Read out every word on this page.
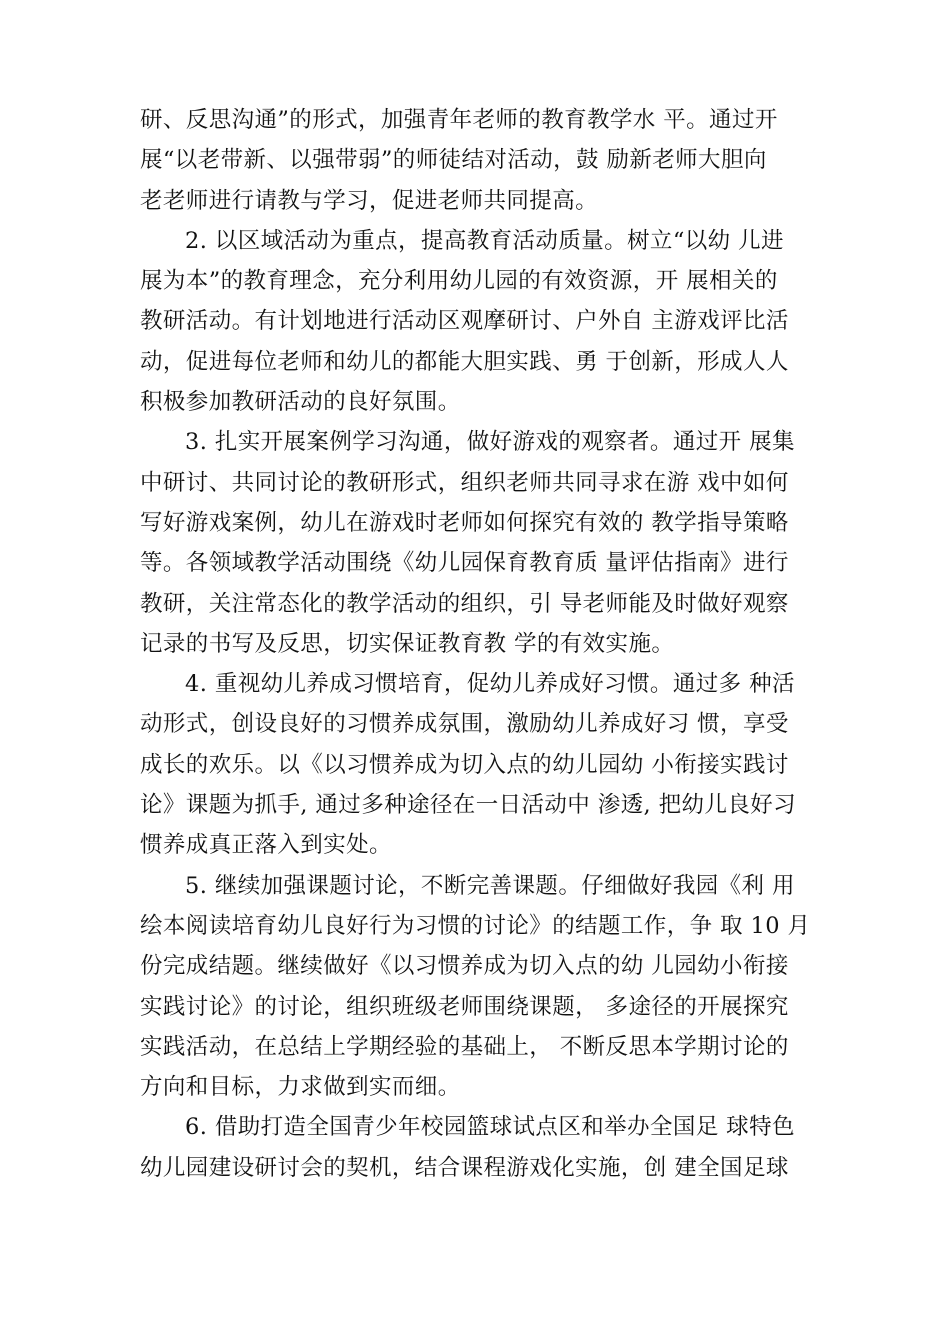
研、反思沟通”的形式，加强青年老师的教育教学水 平。通过开
展“以老带新、以强带弱”的师徒结对活动，鼓 励新老师大胆向
老老师进行请教与学习，促进老师共同提高。

2. 以区域活动为重点，提高教育活动质量。树立“以幼 儿进
展为本”的教育理念，充分利用幼儿园的有效资源，开 展相关的
教研活动。有计划地进行活动区观摩研讨、户外自 主游戏评比活
动，促进每位老师和幼儿的都能大胆实践、勇 于创新，形成人人
积极参加教研活动的良好氛围。

3. 扎实开展案例学习沟通，做好游戏的观察者。通过开 展集
中研讨、共同讨论的教研形式，组织老师共同寻求在游 戏中如何
写好游戏案例，幼儿在游戏时老师如何探究有效的 教学指导策略
等。各领域教学活动围绕《幼儿园保育教育质 量评估指南》进行
教研，关注常态化的教学活动的组织，引 导老师能及时做好观察
记录的书写及反思，切实保证教育教 学的有效实施。

4. 重视幼儿养成习惯培育，促幼儿养成好习惯。通过多 种活
动形式，创设良好的习惯养成氛围，激励幼儿养成好习 惯，享受
成长的欢乐。以《以习惯养成为切入点的幼儿园幼 小衔接实践讨
论》课题为抓手, 通过多种途径在一日活动中 渗透, 把幼儿良好习
惯养成真正落入到实处。

5. 继续加强课题讨论，不断完善课题。仔细做好我园《利 用
绘本阅读培育幼儿良好行为习惯的讨论》的结题工作，争 取 10 月
份完成结题。继续做好《以习惯养成为切入点的幼 儿园幼小衔接
实践讨论》的讨论，组织班级老师围绕课题， 多途径的开展探究
实践活动，在总结上学期经验的基础上， 不断反思本学期讨论的
方向和目标，力求做到实而细。

6. 借助打造全国青少年校园篮球试点区和举办全国足 球特色
幼儿园建设研讨会的契机，结合课程游戏化实施，创 建全国足球
